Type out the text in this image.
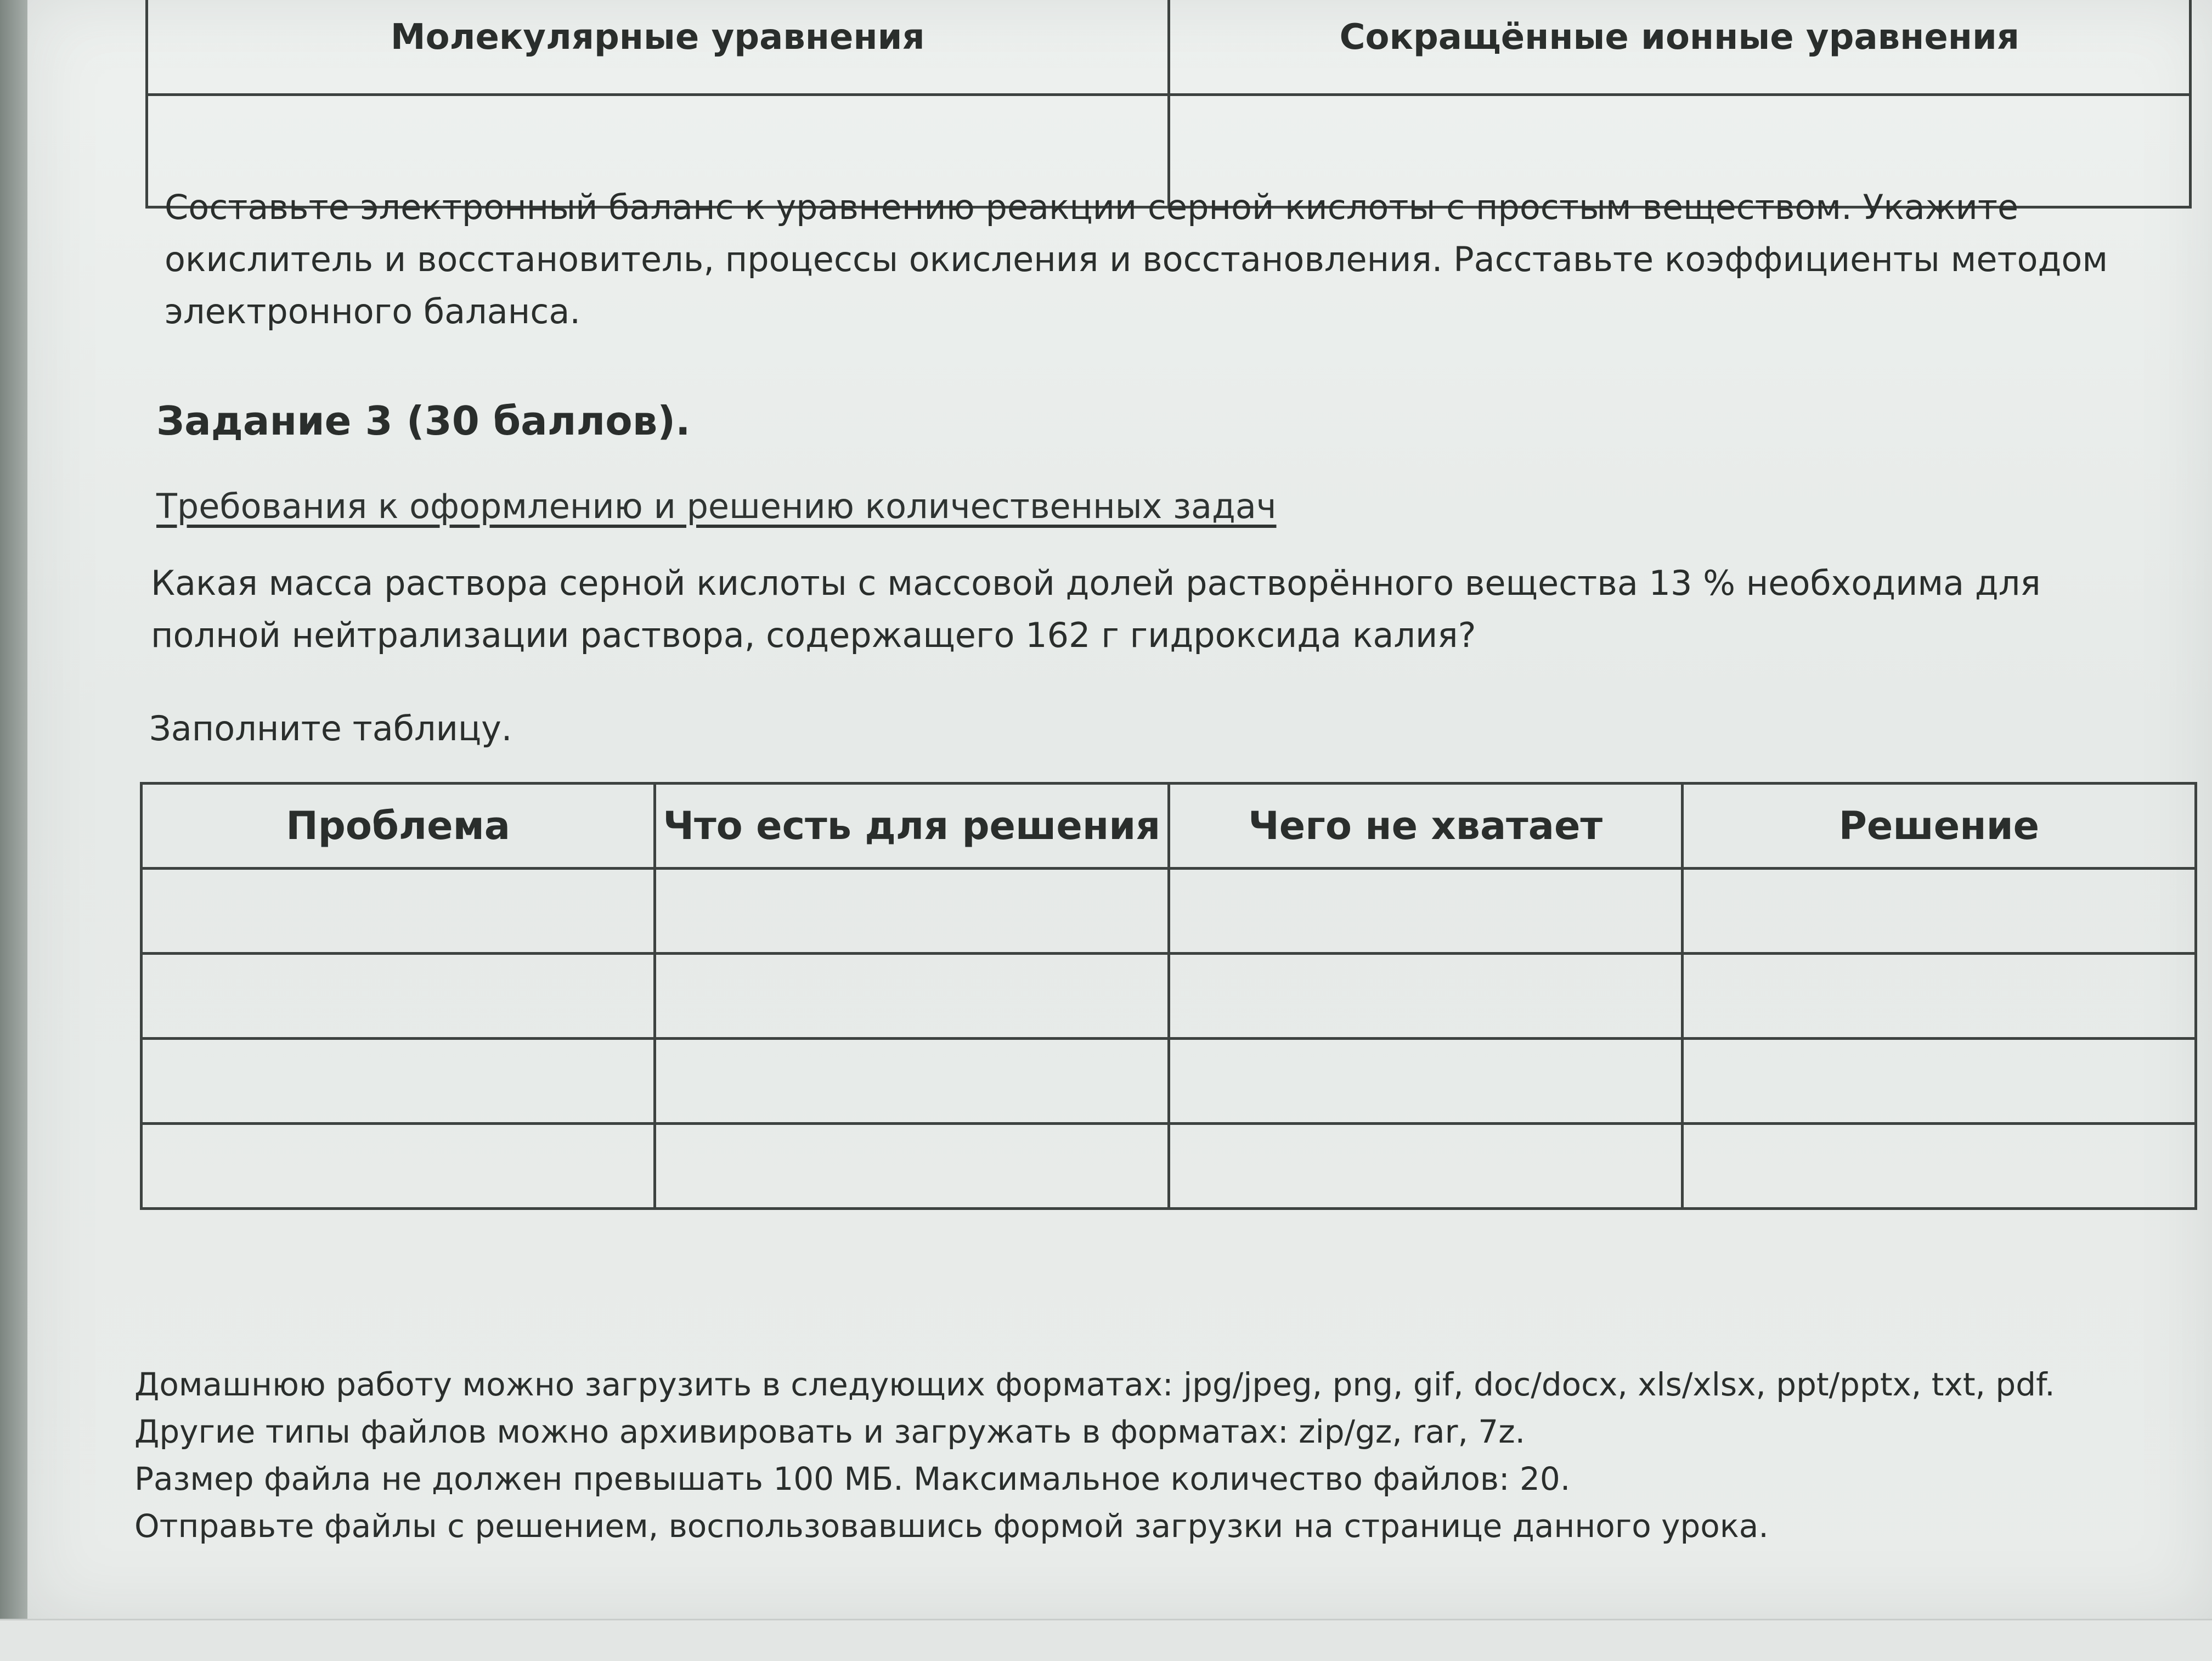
Молекулярные уравнения	Сокращённые ионные уравнения

Составьте электронный баланс к уравнению реакции серной кислоты с простым веществом. Укажите окислитель и восстановитель, процессы окисления и восстановления. Расставьте коэффициенты методом электронного баланса.

Задание 3 (30 баллов).
Требования к оформлению и решению количественных задач

Какая масса раствора серной кислоты с массовой долей растворённого вещества 13 % необходима для полной нейтрализации раствора, содержащего 162 г гидроксида калия?

Заполните таблицу.
Проблема	Что есть для решения	Чего не хватает	Решение

Домашнюю работу можно загрузить в следующих форматах: jpg/jpeg, png, gif, doc/docx, xls/xlsx, ppt/pptx, txt, pdf.

Другие типы файлов можно архивировать и загружать в форматах: zip/gz, rar, 7z.

Размер файла не должен превышать 100 МБ. Максимальное количество файлов: 20.

Отправьте файлы с решением, воспользовавшись формой загрузки на странице данного урока.
